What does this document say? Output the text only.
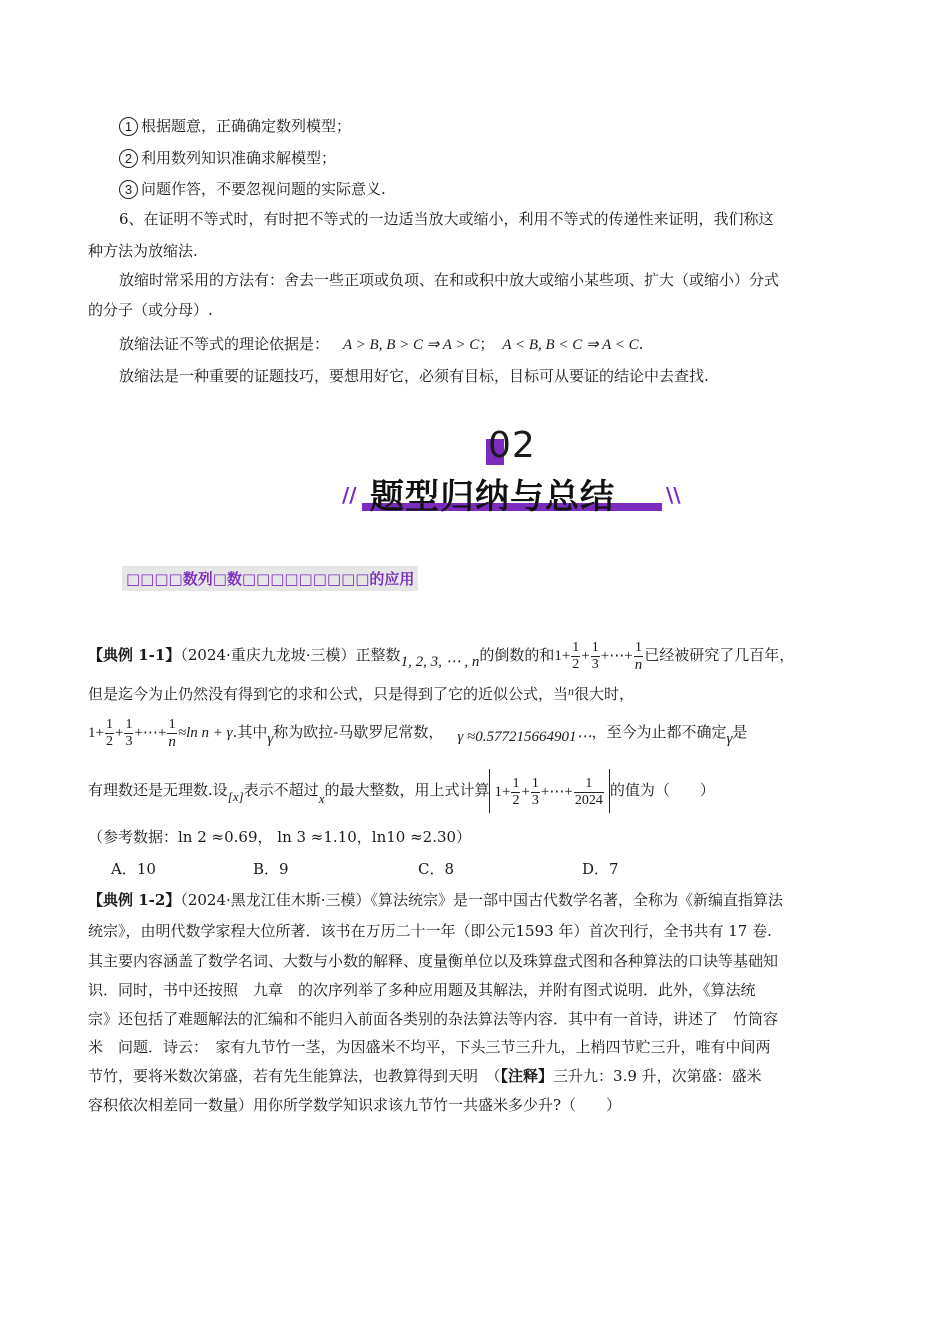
1 根据题意，正确确定数列模型；
2 利用数列知识准确求解模型；
3 问题作答，不要忽视问题的实际意义.
6、在证明不等式时，有时把不等式的一边适当放大或缩小，利用不等式的传递性来证明，我们称这
种方法为放缩法.
放缩时常采用的方法有：舍去一些正项或负项、在和或积中放大或缩小某些项、扩大（或缩小）分式
的分子（或分母）.
放缩法证不等式的理论依据是： A > B, B > C ⇒ A > C； A < B, B < C ⇒ A < C.
放缩法是一种重要的证题技巧，要想用好它，必须有目标，目标可从要证的结论中去查找.
02
题型归纳与总结
//	\\
□□□□数列□数□□□□□□□□□的应用
【典例 1-1】（2024·重庆九龙坡·三模）正整数1, 2, 3, ⋯ , n的倒数的和$1+ \frac{1}{2} + \frac{1}{3}$ +⋯+ $\frac{1}{n}$ 已经被研究了几百年，
但是迄今为止仍然没有得到它的求和公式，只是得到了它的近似公式，当$^n$很大时，
$1+ \frac{1}{2} + \frac{1}{3}$ +⋯+ $\frac{1}{n} \approx\ln$ n + γ.其中γ称为欧拉-马歇罗尼常数， γ ≈0.577215664901⋯，至今为止都不确定γ是
有理数还是无理数.设[x]表示不超过x的最大整数，用上式计算 $1+ \frac{1}{2} + \frac{1}{3}$ +⋯+ $\frac{1}{2024}$ 的值为（　　）
（参考数据：ln 2 ≈0.69， ln 3 ≈1.10，ln10 ≈2.30）
A．10	B．9	C．8	D．7
【典例 1-2】（2024·黑龙江佳木斯·三模）《算法统宗》是一部中国古代数学名著，全称为《新编直指算法
统宗》，由明代数学家程大位所著．该书在万历二十一年（即公元1593 年）首次刊行，全书共有 17 卷.
其主要内容涵盖了数学名词、大数与小数的解释、度量衡单位以及珠算盘式图和各种算法的口诀等基础知
识．同时，书中还按照　九章　的次序列举了多种应用题及其解法，并附有图式说明．此外，《算法统
宗》还包括了难题解法的汇编和不能归入前面各类别的杂法算法等内容．其中有一首诗，讲述了　竹筒容
米　问题．诗云：　家有九节竹一茎，为因盛米不均平，下头三节三升九，上梢四节贮三升，唯有中间两
节竹，要将米数次第盛，若有先生能算法，也教算得到天明　（【注释】三升九：3.9 升，次第盛：盛米
容积依次相差同一数量）用你所学数学知识求该九节竹一共盛米多少升?（　　）
